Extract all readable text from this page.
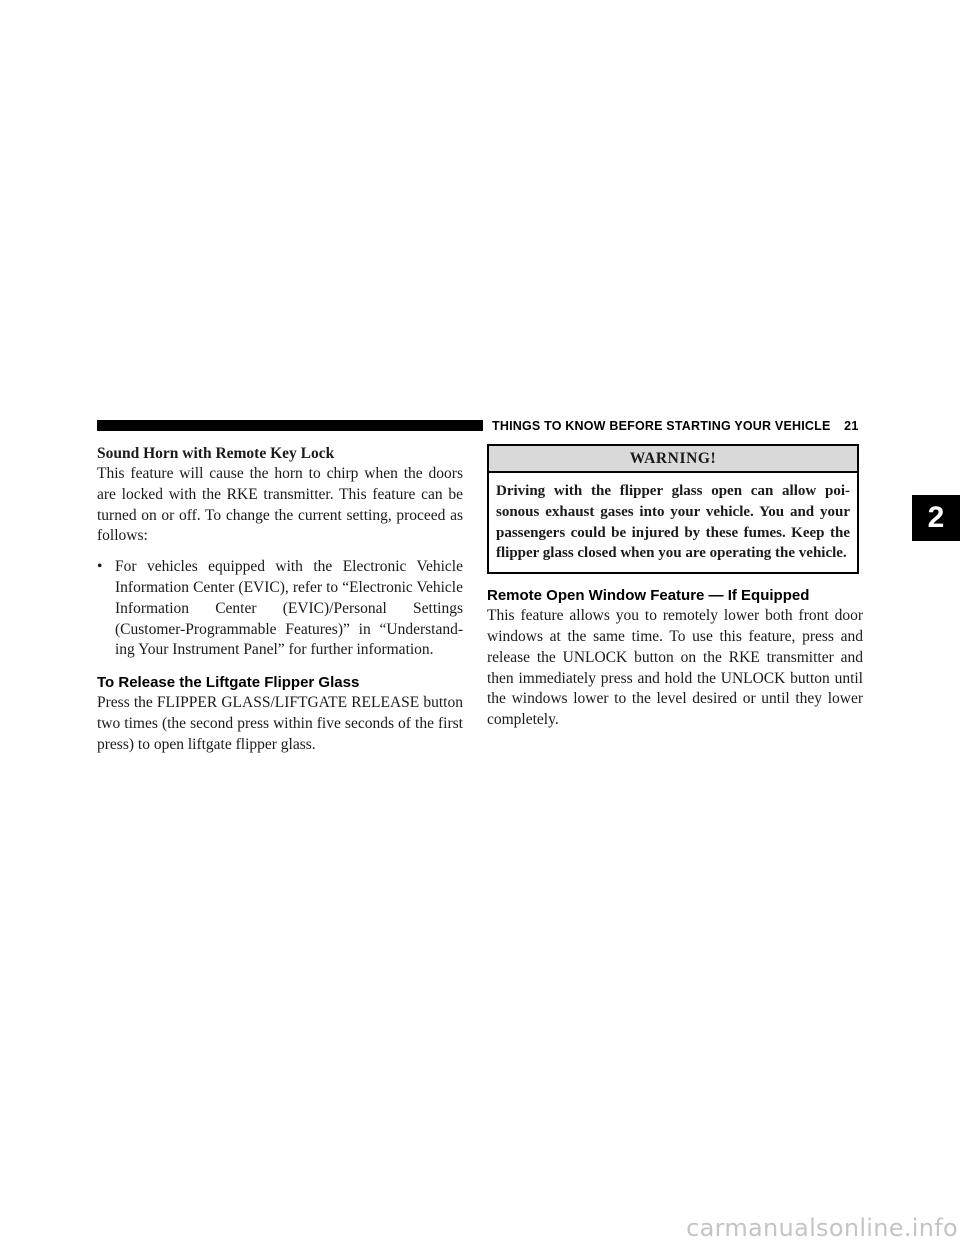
THINGS TO KNOW BEFORE STARTING YOUR VEHICLE 21
2

Sound Horn with Remote Key Lock

This feature will cause the horn to chirp when the doors are locked with the RKE transmitter. This feature can be turned on or off. To change the current setting, proceed as follows:

• For vehicles equipped with the Electronic Vehicle Information Center (EVIC), refer to “Electronic Vehicle Information Center (EVIC)/Personal Settings (Customer-Programmable Features)” in “Understand-ing Your Instrument Panel” for further information.

To Release the Liftgate Flipper Glass

Press the FLIPPER GLASS/LIFTGATE RELEASE button two times (the second press within five seconds of the first press) to open liftgate flipper glass.

WARNING!
Driving with the flipper glass open can allow poi-sonous exhaust gases into your vehicle. You and your passengers could be injured by these fumes. Keep the flipper glass closed when you are operating the vehicle.

Remote Open Window Feature — If Equipped

This feature allows you to remotely lower both front door windows at the same time. To use this feature, press and release the UNLOCK button on the RKE transmitter and then immediately press and hold the UNLOCK button until the windows lower to the level desired or until they lower completely.

carmanualsonline.info
